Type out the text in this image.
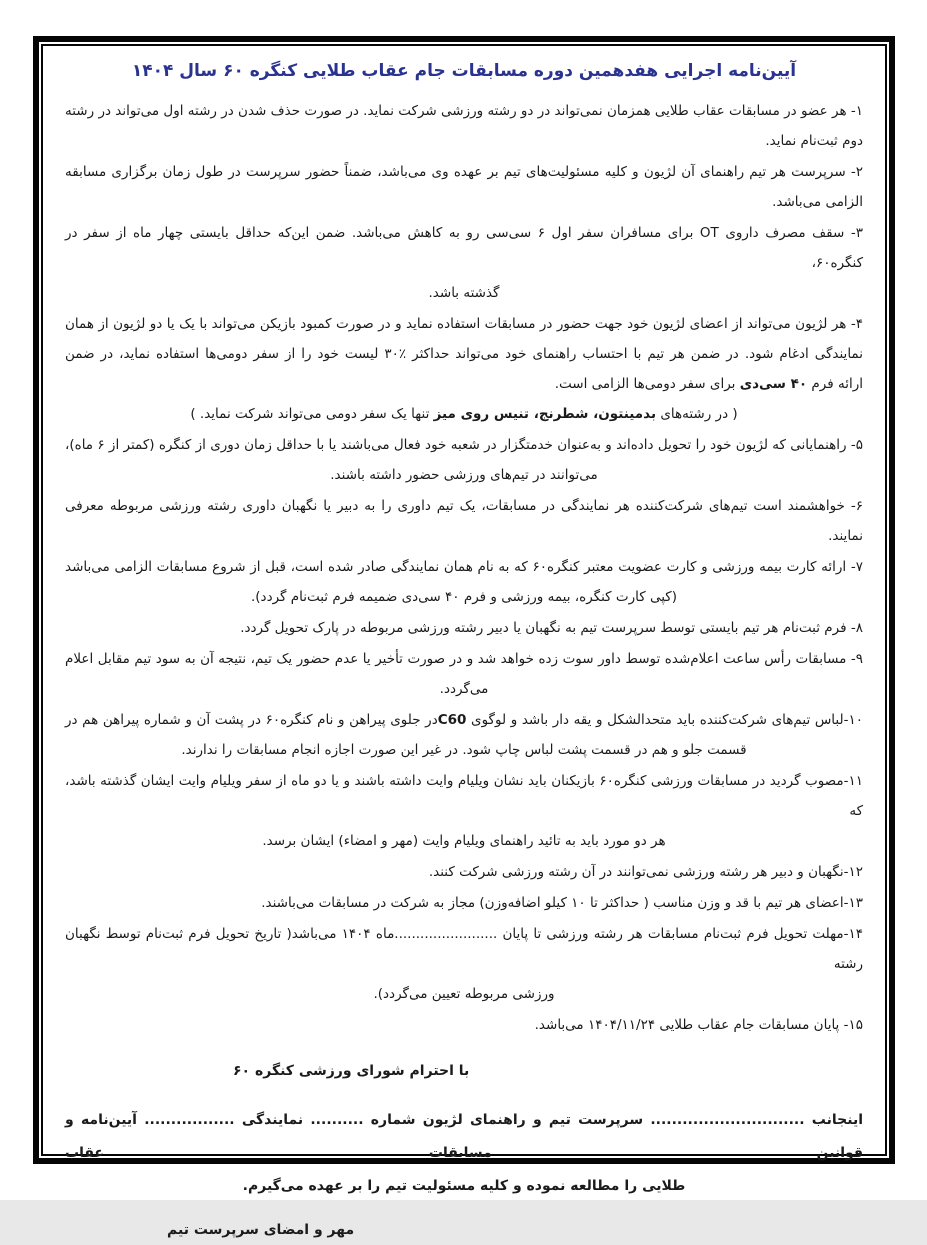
آیین‌نامه اجرایی هفدهمین دوره مسابقات جام عقاب طلایی کنگره ۶۰ سال ۱۴۰۴
۱- هر عضو در مسابقات عقاب طلایی همزمان نمی‌تواند در دو رشته ورزشی شرکت نماید. در صورت حذف شدن در رشته اول می‌تواند در رشته
دوم ثبت‌نام نماید.
۲- سرپرست هر تیم راهنمای آن لژیون و کلیه مسئولیت‌های تیم بر عهده وی می‌باشد، ضمناً حضور سرپرست در طول زمان برگزاری مسابقه
الزامی می‌باشد.
۳- سقف مصرف داروی OT برای مسافران سفر اول ۶ سی‌سی رو به کاهش می‌باشد. ضمن این‌که حداقل بایستی چهار ماه از سفر در کنگره۶۰،
گذشته باشد.
۴- هر لژیون می‌تواند از اعضای لژیون خود جهت حضور در مسابقات استفاده نماید و در صورت کمبود بازیکن می‌تواند با یک یا دو لژیون از همان
نمایندگی ادغام شود. در ضمن هر تیم با احتساب راهنمای خود می‌تواند حداکثر ٪۳۰ لیست خود را از سفر دومی‌ها استفاده نماید، در ضمن
ارائه فرم ۴۰ سی‌دی برای سفر دومی‌ها الزامی است.
( در رشته‌های بدمینتون، شطرنج، تنیس روی میز تنها یک سفر دومی می‌تواند شرکت نماید. )
۵- راهنمایانی که لژیون خود را تحویل داده‌اند و به‌عنوان خدمتگزار در شعبه خود فعال می‌باشند یا با حداقل زمان دوری از کنگره (کمتر از ۶ ماه)،
می‌توانند در تیم‌های ورزشی حضور داشته باشند.
۶- خواهشمند است تیم‌های شرکت‌کننده هر نمایندگی در مسابقات، یک تیم داوری را به دبیر یا نگهبان داوری رشته ورزشی مربوطه معرفی
نمایند.
۷- ارائه کارت بیمه ورزشی و کارت عضویت معتبر کنگره۶۰ که به نام همان نمایندگی صادر شده است، قبل از شروع مسابقات الزامی می‌باشد
(کپی کارت کنگره، بیمه ورزشی و فرم ۴۰ سی‌دی ضمیمه فرم ثبت‌نام گردد).
۸- فرم ثبت‌نام هر تیم بایستی توسط سرپرست تیم به نگهبان یا دبیر رشته ورزشی مربوطه در پارک تحویل گردد.
۹- مسابقات رأس ساعت اعلام‌شده توسط داور سوت زده خواهد شد و در صورت تأخیر یا عدم حضور یک تیم، نتیجه آن به سود تیم مقابل اعلام
می‌گردد.
۱۰-لباس تیم‌های شرکت‌کننده باید متحدالشکل و یقه دار باشد و لوگوی C60در جلوی پیراهن و نام کنگره۶۰ در پشت آن و شماره پیراهن هم در
قسمت جلو و هم در قسمت پشت لباس چاپ شود. در غیر این صورت اجازه انجام مسابقات را ندارند.
۱۱-مصوب گردید در مسابقات ورزشی کنگره۶۰ بازیکنان باید نشان ویلیام وایت داشته باشند و یا دو ماه از سفر ویلیام وایت ایشان گذشته باشد، که
هر دو مورد باید به تائید راهنمای ویلیام وایت (مهر و امضاء) ایشان برسد.
۱۲-نگهبان و دبیر هر رشته ورزشی نمی‌توانند در آن رشته ورزشی شرکت کنند.
۱۳-اعضای هر تیم با قد و وزن مناسب ( حداکثر تا ۱۰ کیلو اضافه‌وزن) مجاز به شرکت در مسابقات می‌باشند.
۱۴-مهلت تحویل فرم ثبت‌نام مسابقات هر رشته ورزشی تا پایان ........................ماه ۱۴۰۴ می‌باشد( تاریخ تحویل فرم ثبت‌نام توسط نگهبان رشته
ورزشی مربوطه تعیین می‌گردد).
۱۵- پایان مسابقات جام عقاب طلایی ۱۴۰۴/۱۱/۲۴ می‌باشد.
با احترام شورای ورزشی کنگره ۶۰
اینجانب ............................. سرپرست تیم و راهنمای لژیون شماره .......... نمایندگی ................. آیین‌نامه و قوانین مسابقات عقاب
طلایی را مطالعه نموده و کلیه مسئولیت تیم را بر عهده می‌گیرم.
مهر و امضای سرپرست تیم
